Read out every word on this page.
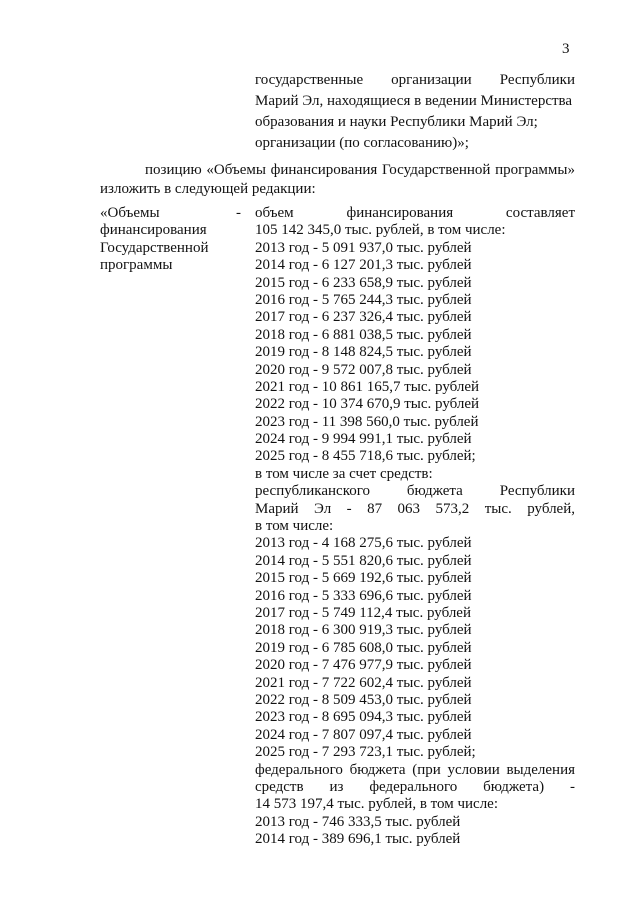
3
государственные организации Республики
Марий Эл, находящиеся в ведении Министерства
образования и науки Республики Марий Эл;
организации (по согласованию)»;
позицию «Объемы финансирования Государственной программы»
изложить в следующей редакции:
«Объемы
финансирования
Государственной
программы
- объем финансирования составляет
105 142 345,0 тыс. рублей, в том числе:
2013 год - 5 091 937,0 тыс. рублей
2014 год - 6 127 201,3 тыс. рублей
2015 год - 6 233 658,9 тыс. рублей
2016 год - 5 765 244,3 тыс. рублей
2017 год - 6 237 326,4 тыс. рублей
2018 год - 6 881 038,5 тыс. рублей
2019 год - 8 148 824,5 тыс. рублей
2020 год - 9 572 007,8 тыс. рублей
2021 год - 10 861 165,7 тыс. рублей
2022 год - 10 374 670,9 тыс. рублей
2023 год - 11 398 560,0 тыс. рублей
2024 год - 9 994 991,1 тыс. рублей
2025 год - 8 455 718,6 тыс. рублей;
в том числе за счет средств:
республиканского бюджета Республики
Марий Эл - 87 063 573,2 тыс. рублей,
в том числе:
2013 год - 4 168 275,6 тыс. рублей
2014 год - 5 551 820,6 тыс. рублей
2015 год - 5 669 192,6 тыс. рублей
2016 год - 5 333 696,6 тыс. рублей
2017 год - 5 749 112,4 тыс. рублей
2018 год - 6 300 919,3 тыс. рублей
2019 год - 6 785 608,0 тыс. рублей
2020 год - 7 476 977,9 тыс. рублей
2021 год - 7 722 602,4 тыс. рублей
2022 год - 8 509 453,0 тыс. рублей
2023 год - 8 695 094,3 тыс. рублей
2024 год - 7 807 097,4 тыс. рублей
2025 год - 7 293 723,1 тыс. рублей;
федерального бюджета (при условии выделения
средств из федерального бюджета) -
14 573 197,4 тыс. рублей, в том числе:
2013 год - 746 333,5 тыс. рублей
2014 год - 389 696,1 тыс. рублей
